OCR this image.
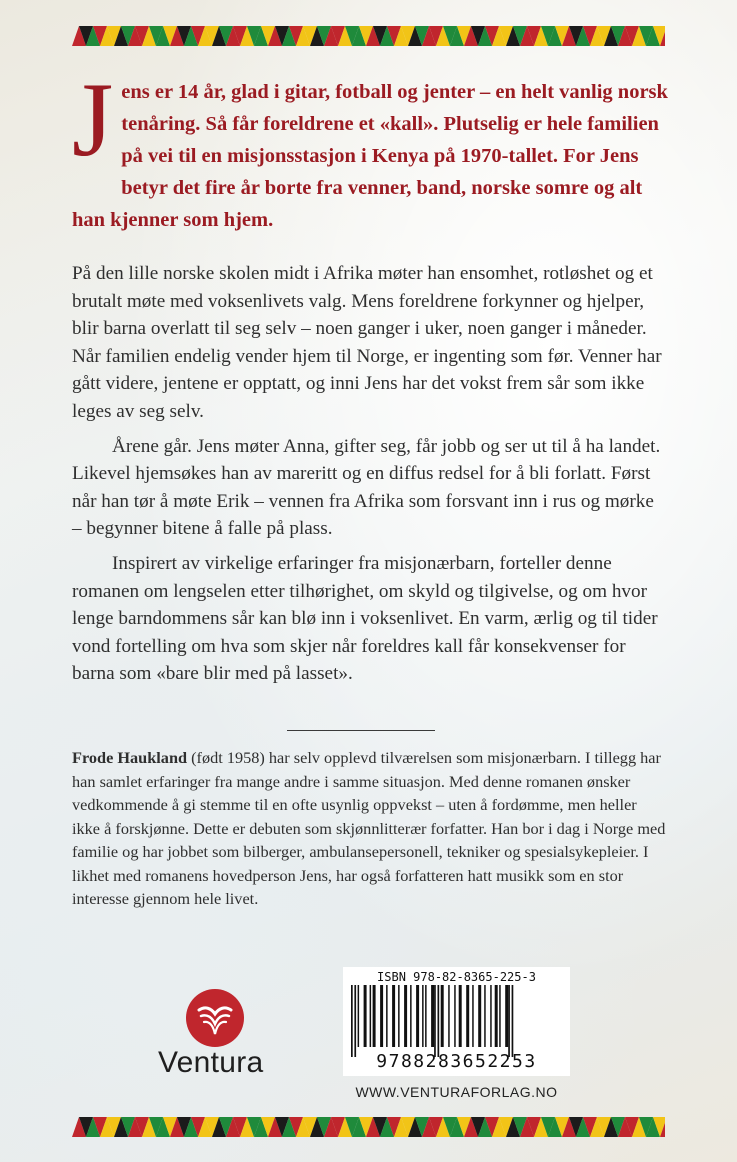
Jens er 14 år, glad i gitar, fotball og jenter – en helt vanlig norsk tenåring. Så får foreldrene et «kall». Plutselig er hele familien på vei til en misjonsstasjon i Kenya på 1970-tallet. For Jens betyr det fire år borte fra venner, band, norske somre og alt han kjenner som hjem.

På den lille norske skolen midt i Afrika møter han ensomhet, rotløshet og et brutalt møte med voksenlivets valg. Mens foreldrene forkynner og hjelper, blir barna overlatt til seg selv – noen ganger i uker, noen ganger i måneder. Når familien endelig vender hjem til Norge, er ingenting som før. Venner har gått videre, jentene er opptatt, og inni Jens har det vokst frem sår som ikke leges av seg selv.

Årene går. Jens møter Anna, gifter seg, får jobb og ser ut til å ha landet. Likevel hjemsøkes han av mareritt og en diffus redsel for å bli forlatt. Først når han tør å møte Erik – vennen fra Afrika som forsvant inn i rus og mørke – begynner bitene å falle på plass.

Inspirert av virkelige erfaringer fra misjonærbarn, forteller denne romanen om lengselen etter tilhørighet, om skyld og tilgivelse, og om hvor lenge barndommens sår kan blø inn i voksenlivet. En varm, ærlig og til tider vond fortelling om hva som skjer når foreldres kall får konsekvenser for barna som «bare blir med på lasset».

Frode Haukland (født 1958) har selv opplevd tilværelsen som misjonærbarn. I tillegg har han samlet erfaringer fra mange andre i samme situasjon. Med denne romanen ønsker vedkommende å gi stemme til en ofte usynlig oppvekst – uten å fordømme, men heller ikke å forskjønne. Dette er debuten som skjønnlitterær forfatter. Han bor i dag i Norge med familie og har jobbet som bilberger, ambulansepersonell, tekniker og spesialsykepleier. I likhet med romanens hovedperson Jens, har også forfatteren hatt musikk som en stor interesse gjennom hele livet.

Ventura
ISBN 978-82-8365-225-3
9788283652253
WWW.VENTURAFORLAG.NO
